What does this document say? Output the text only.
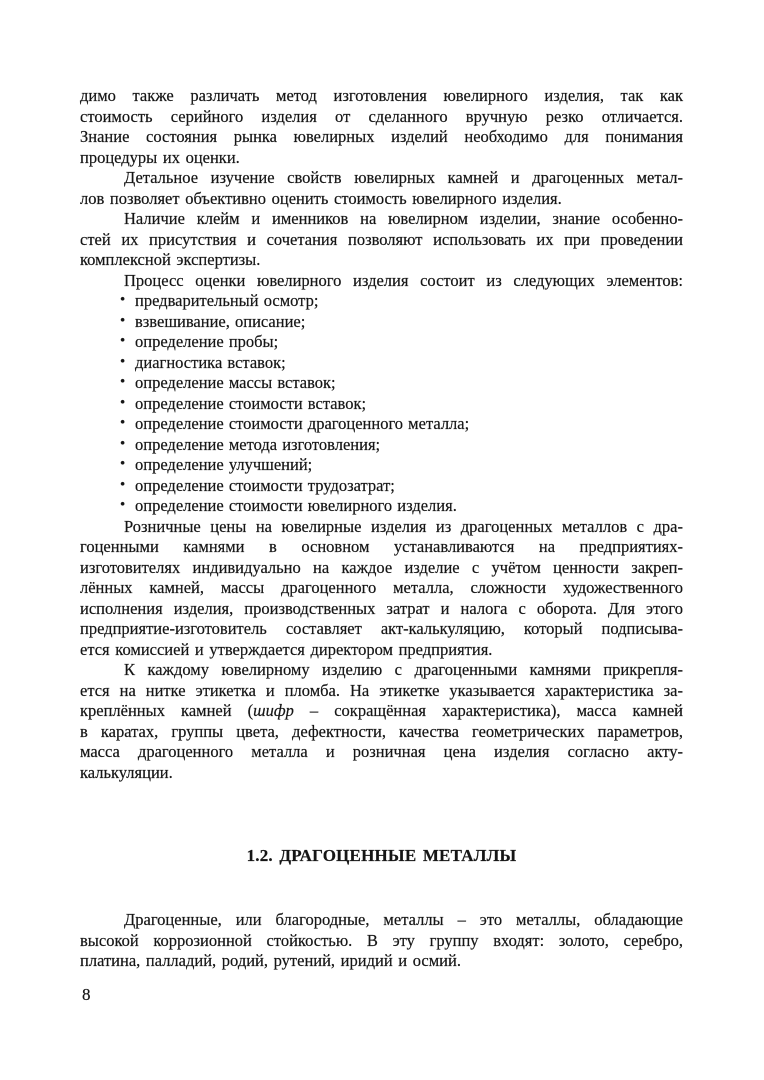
димо также различать метод изготовления ювелирного изделия, так как
стоимость серийного изделия от сделанного вручную резко отличается.
Знание состояния рынка ювелирных изделий необходимо для понимания
процедуры их оценки.
Детальное изучение свойств ювелирных камней и драгоценных метал-
лов позволяет объективно оценить стоимость ювелирного изделия.
Наличие клейм и именников на ювелирном изделии, знание особенно-
стей их присутствия и сочетания позволяют использовать их при проведении
комплексной экспертизы.
Процесс оценки ювелирного изделия состоит из следующих элементов:
• предварительный осмотр;
• взвешивание, описание;
• определение пробы;
• диагностика вставок;
• определение массы вставок;
• определение стоимости вставок;
• определение стоимости драгоценного металла;
• определение метода изготовления;
• определение улучшений;
• определение стоимости трудозатрат;
• определение стоимости ювелирного изделия.
Розничные цены на ювелирные изделия из драгоценных металлов с дра-
гоценными камнями в основном устанавливаются на предприятиях-
изготовителях индивидуально на каждое изделие с учётом ценности закреп-
лённых камней, массы драгоценного металла, сложности художественного
исполнения изделия, производственных затрат и налога с оборота. Для этого
предприятие-изготовитель составляет акт-калькуляцию, который подписыва-
ется комиссией и утверждается директором предприятия.
К каждому ювелирному изделию с драгоценными камнями прикрепля-
ется на нитке этикетка и пломба. На этикетке указывается характеристика за-
креплённых камней (шифр – сокращённая характеристика), масса камней
в каратах, группы цвета, дефектности, качества геометрических параметров,
масса драгоценного металла и розничная цена изделия согласно акту-
калькуляции.
1.2. ДРАГОЦЕННЫЕ МЕТАЛЛЫ
Драгоценные, или благородные, металлы – это металлы, обладающие
высокой коррозионной стойкостью. В эту группу входят: золото, серебро,
платина, палладий, родий, рутений, иридий и осмий.
8
